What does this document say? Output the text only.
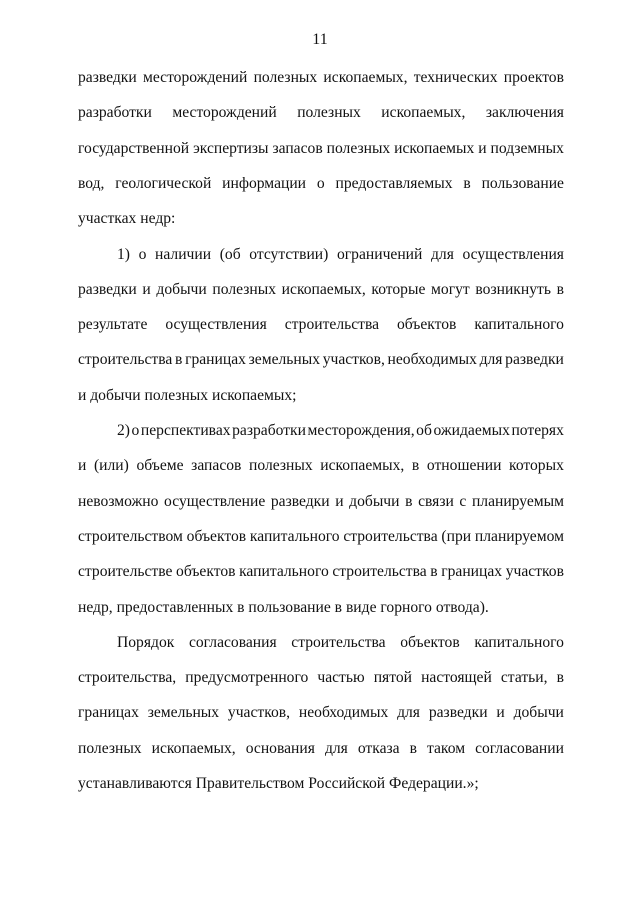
11
разведки месторождений полезных ископаемых, технических проектов
разработки месторождений полезных ископаемых, заключения
государственной экспертизы запасов полезных ископаемых и подземных
вод, геологической информации о предоставляемых в пользование
участках недр:
1) о наличии (об отсутствии) ограничений для осуществления
разведки и добычи полезных ископаемых, которые могут возникнуть в
результате осуществления строительства объектов капитального
строительства в границах земельных участков, необходимых для разведки
и добычи полезных ископаемых;
2) о перспективах разработки месторождения, об ожидаемых потерях
и (или) объеме запасов полезных ископаемых, в отношении которых
невозможно осуществление разведки и добычи в связи с планируемым
строительством объектов капитального строительства (при планируемом
строительстве объектов капитального строительства в границах участков
недр, предоставленных в пользование в виде горного отвода).
Порядок согласования строительства объектов капитального
строительства, предусмотренного частью пятой настоящей статьи, в
границах земельных участков, необходимых для разведки и добычи
полезных ископаемых, основания для отказа в таком согласовании
устанавливаются Правительством Российской Федерации.»;
